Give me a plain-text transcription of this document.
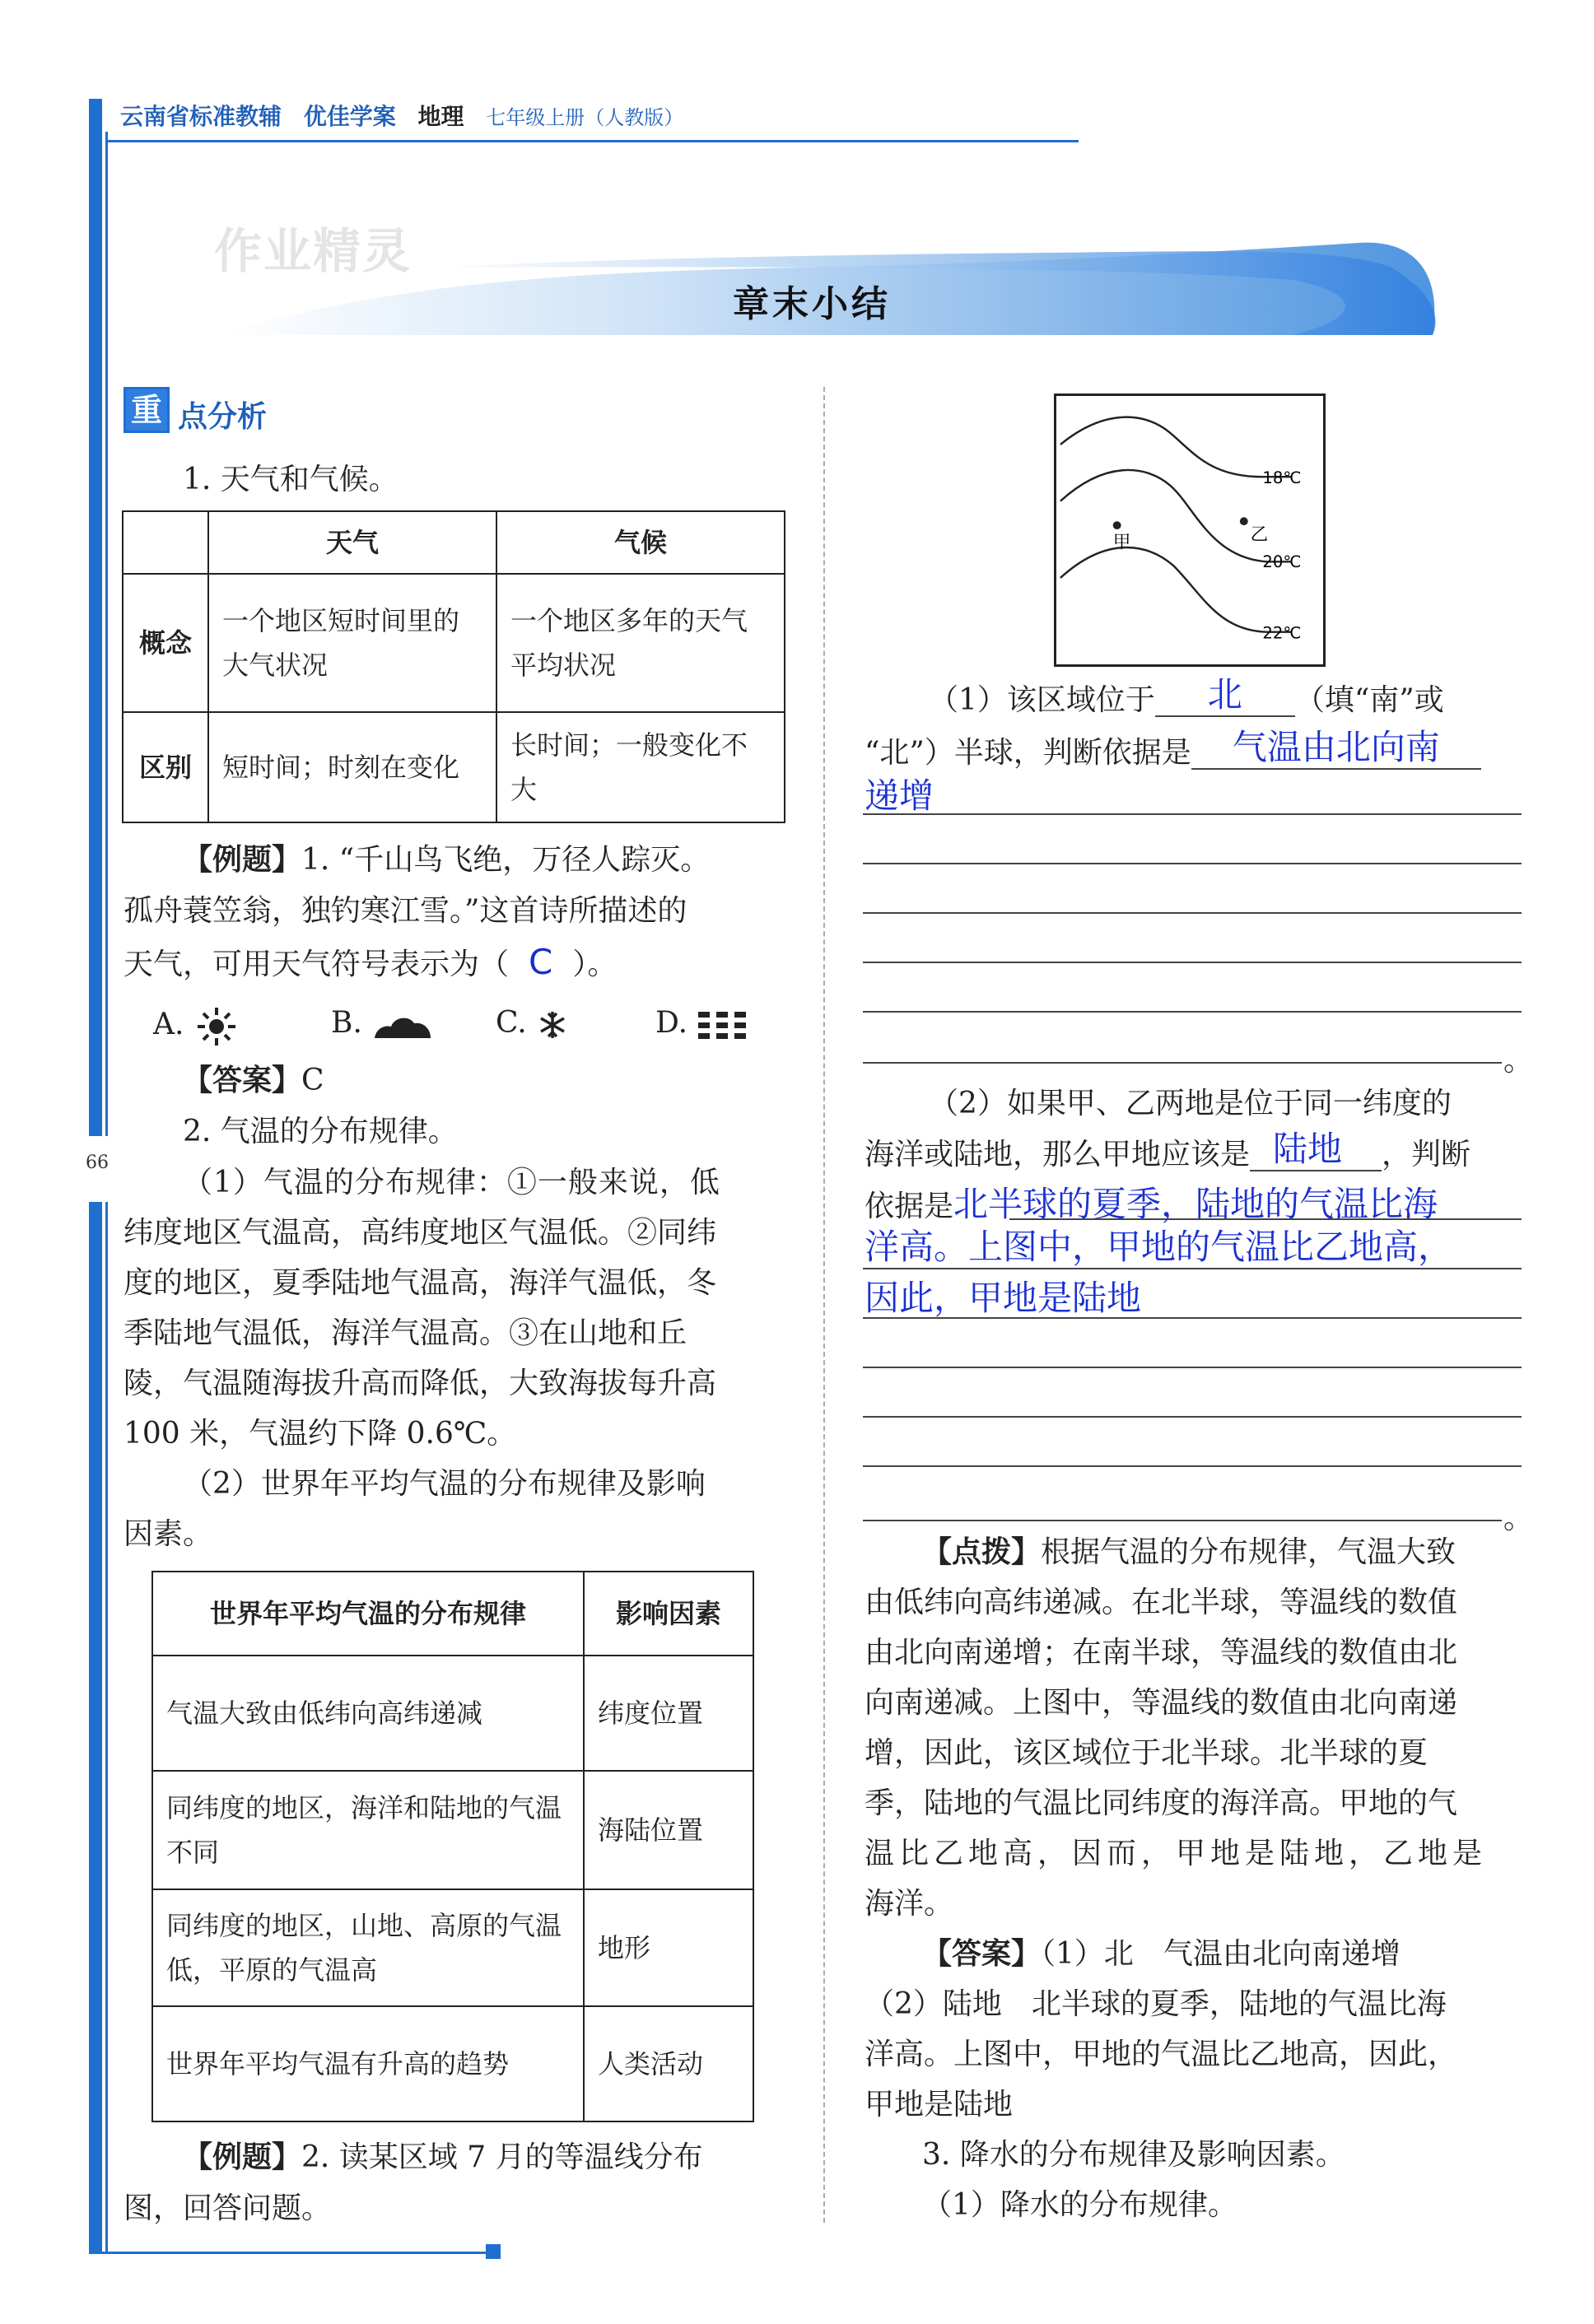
66
云南省标准教辅 优佳学案 地理 七年级上册（人教版）
作业精灵
章末小结
重 点分析
1. 天气和气候。
	天气	气候
概念	一个地区短时间里的大气状况	一个地区多年的天气平均状况
区别	短时间；时刻在变化	长时间；一般变化不大
【例题】1. “千山鸟飞绝，万径人踪灭。
孤舟蓑笠翁，独钓寒江雪。”这首诗所描述的
天气，可用天气符号表示为（ C ）。
A.	B.	C.	D.
【答案】C
2. 气温的分布规律。
（1）气温的分布规律：①一般来说，低
纬度地区气温高，高纬度地区气温低。②同纬
度的地区，夏季陆地气温高，海洋气温低，冬
季陆地气温低，海洋气温高。③在山地和丘
陵，气温随海拔升高而降低，大致海拔每升高
100 米，气温约下降 0.6℃。
（2）世界年平均气温的分布规律及影响
因素。
世界年平均气温的分布规律	影响因素
气温大致由低纬向高纬递减	纬度位置
同纬度的地区，海洋和陆地的气温不同	海陆位置
同纬度的地区，山地、高原的气温低，平原的气温高	地形
世界年平均气温有升高的趋势	人类活动
【例题】2. 读某区域 7 月的等温线分布
图，回答问题。
甲	乙
18℃
20℃
22℃
（1）该区域位于 北 （填“南”或
“北”）半球，判断依据是 气温由北向南
递增
。
（2）如果甲、乙两地是位于同一纬度的
海洋或陆地，那么甲地应该是 陆地 ，判断
依据是北半球的夏季，陆地的气温比海
洋高。上图中，甲地的气温比乙地高，
因此，甲地是陆地
。
【点拨】根据气温的分布规律，气温大致
由低纬向高纬递减。在北半球，等温线的数值
由北向南递增；在南半球，等温线的数值由北
向南递减。上图中，等温线的数值由北向南递
增，因此，该区域位于北半球。北半球的夏
季，陆地的气温比同纬度的海洋高。甲地的气
温比乙地高，因而，甲地是陆地，乙地是
海洋。
【答案】（1）北　气温由北向南递增
（2）陆地　北半球的夏季，陆地的气温比海
洋高。上图中，甲地的气温比乙地高，因此，
甲地是陆地
3. 降水的分布规律及影响因素。
（1）降水的分布规律。
